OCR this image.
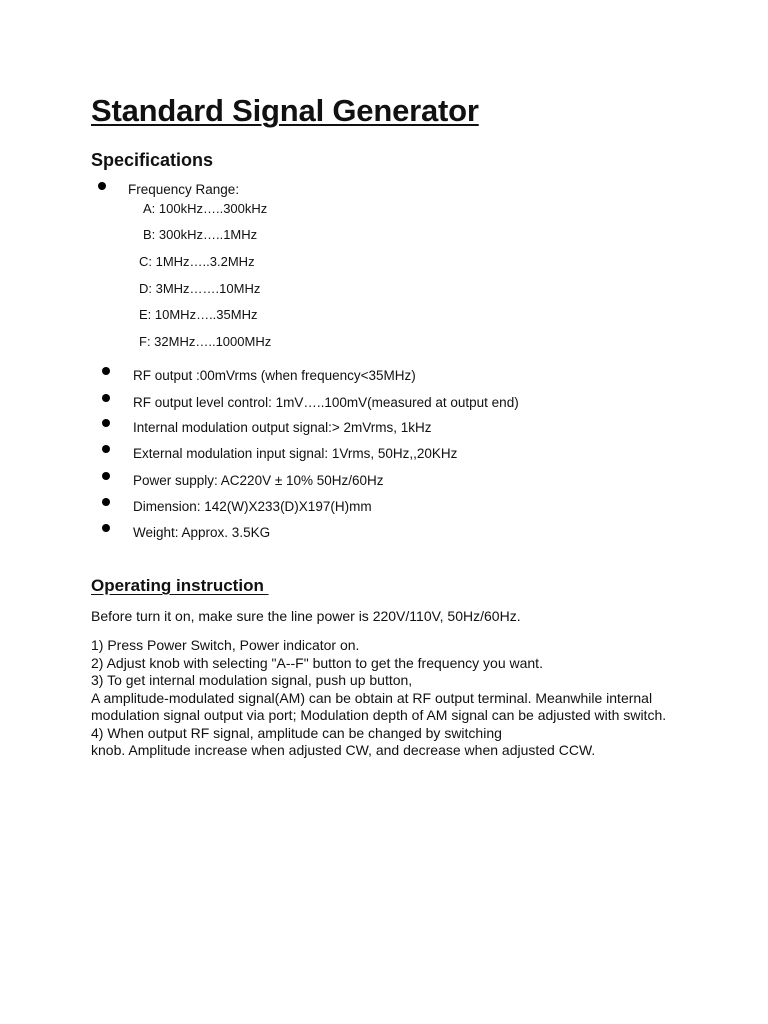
Standard Signal Generator
Specifications
Frequency Range:
A: 100kHz…..300kHz
B: 300kHz…..1MHz
C: 1MHz…..3.2MHz
D: 3MHz…….10MHz
E: 10MHz…..35MHz
F: 32MHz…..1000MHz
RF output :00mVrms (when frequency<35MHz)
RF output level control: 1mV…..100mV(measured at output end)
Internal modulation output signal:> 2mVrms, 1kHz
External modulation input signal: 1Vrms, 50Hz,,20KHz
Power supply: AC220V ± 10% 50Hz/60Hz
Dimension: 142(W)X233(D)X197(H)mm
Weight: Approx. 3.5KG
Operating instruction
Before turn it on, make sure the line power is 220V/110V, 50Hz/60Hz.
1) Press Power Switch, Power indicator on.
2) Adjust knob with selecting "A--F" button to get the frequency you want.
3) To get internal modulation signal, push up button,
A amplitude-modulated signal(AM) can be obtain at RF output terminal. Meanwhile internal
modulation signal output via port; Modulation depth of AM signal can be adjusted with switch.
4) When output RF signal, amplitude can be changed by switching
knob. Amplitude increase when adjusted CW, and decrease when adjusted CCW.
